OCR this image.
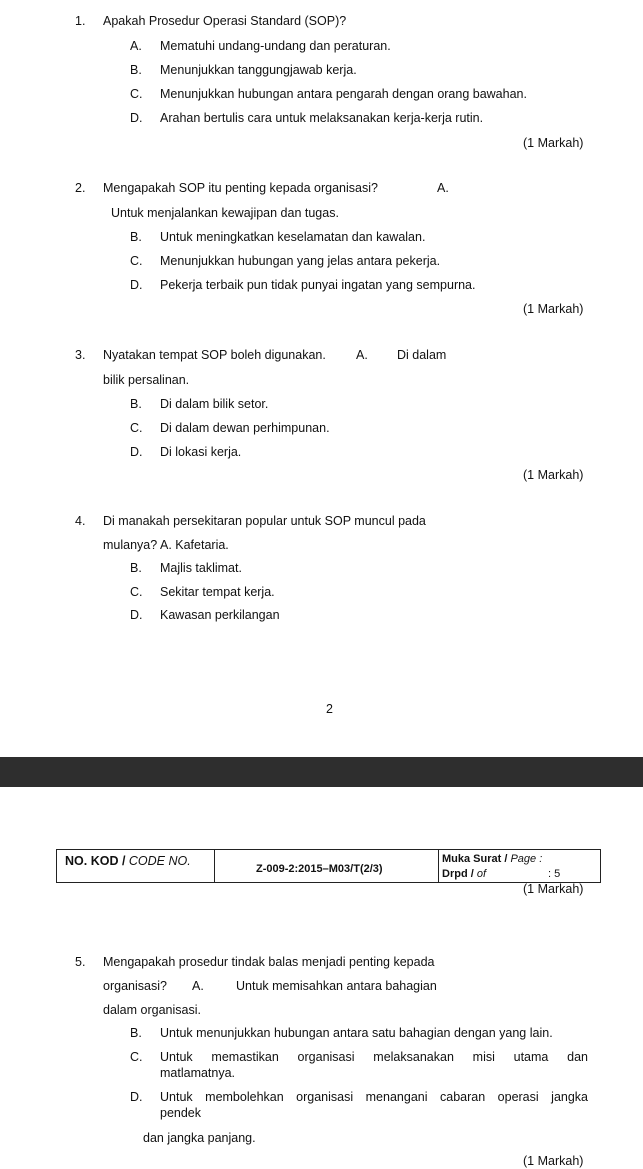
1. Apakah Prosedur Operasi Standard (SOP)?
A. Mematuhi undang-undang dan peraturan.
B. Menunjukkan tanggungjawab kerja.
C. Menunjukkan hubungan antara pengarah dengan orang bawahan.
D. Arahan bertulis cara untuk melaksanakan kerja-kerja rutin.
(1 Markah)
2. Mengapakah SOP itu penting kepada organisasi?	A.
Untuk menjalankan kewajipan dan tugas.
B. Untuk meningkatkan keselamatan dan kawalan.
C. Menunjukkan hubungan yang jelas antara pekerja.
D. Pekerja terbaik pun tidak punyai ingatan yang sempurna.
(1 Markah)
3. Nyatakan tempat SOP boleh digunakan. A. Di dalam
bilik persalinan.
B. Di dalam bilik setor.
C. Di dalam dewan perhimpunan.
D. Di lokasi kerja.
(1 Markah)
4. Di manakah persekitaran popular untuk SOP muncul pada
mulanya? A. Kafetaria.
B. Majlis taklimat.
C. Sekitar tempat kerja.
D. Kawasan perkilangan
2
NO. KOD / CODE NO.
Z-009-2:2015–M03/T(2/3)
Muka Surat / Page :
Drpd / of	: 5
(1 Markah)
5. Mengapakah prosedur tindak balas menjadi penting kepada
organisasi? A.	Untuk memisahkan antara bahagian
dalam organisasi.
B. Untuk menunjukkan hubungan antara satu bahagian dengan yang lain.
C. Untuk memastikan organisasi melaksanakan misi utama dan
matlamatnya.
D. Untuk membolehkan organisasi menangani cabaran operasi jangka
pendek
dan jangka panjang.
(1 Markah)
